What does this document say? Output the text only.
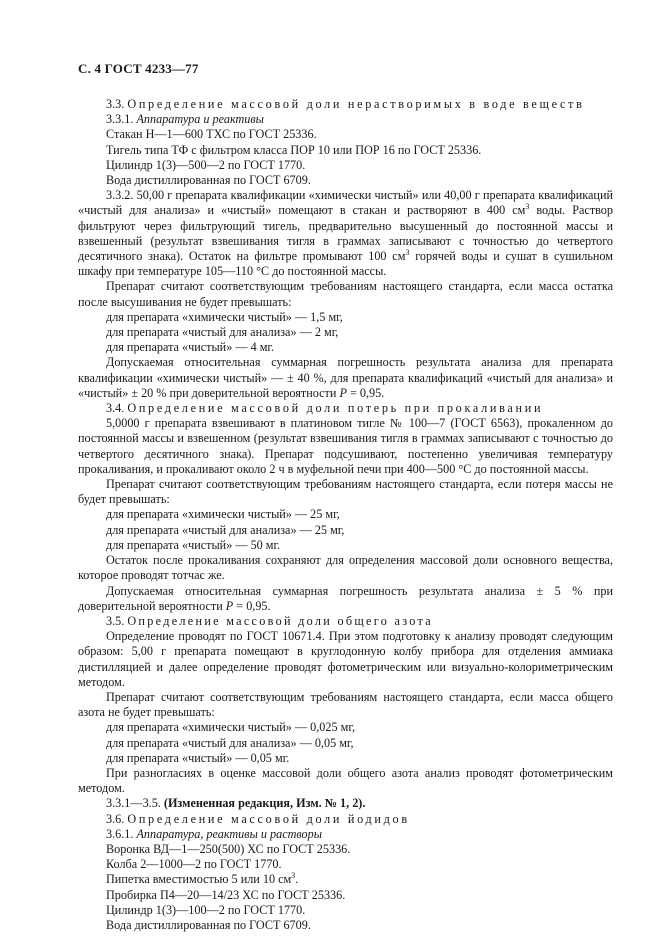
С. 4 ГОСТ 4233—77

3.3. Определение массовой доли нерастворимых в воде веществ

3.3.1. Аппаратура и реактивы

Стакан Н—1—600 ТХС по ГОСТ 25336.

Тигель типа ТФ с фильтром класса ПОР 10 или ПОР 16 по ГОСТ 25336.

Цилиндр 1(3)—500—2 по ГОСТ 1770.

Вода дистиллированная по ГОСТ 6709.

3.3.2. 50,00 г препарата квалификации «химически чистый» или 40,00 г препарата квалификаций «чистый для анализа» и «чистый» помещают в стакан и растворяют в 400 $см^3$ воды. Раствор фильтруют через фильтрующий тигель, предварительно высушенный до постоянной массы и взвешенный (результат взвешивания тигля в граммах записывают с точностью до четвертого десятичного знака). Остаток на фильтре промывают 100 $см^3$ горячей воды и сушат в сушильном шкафу при температуре 105—110 °С до постоянной массы.

Препарат считают соответствующим требованиям настоящего стандарта, если масса остатка после высушивания не будет превышать:

для препарата «химически чистый» — 1,5 мг,

для препарата «чистый для анализа» — 2 мг,

для препарата «чистый» — 4 мг.

Допускаемая относительная суммарная погрешность результата анализа для препарата квалификации «химически чистый» — ± 40 %, для препарата квалификаций «чистый для анализа» и «чистый» ± 20 % при доверительной вероятности P = 0,95.

3.4. Определение массовой доли потерь при прокаливании

5,0000 г препарата взвешивают в платиновом тигле № 100—7 (ГОСТ 6563), прокаленном до постоянной массы и взвешенном (результат взвешивания тигля в граммах записывают с точностью до четвертого десятичного знака). Препарат подсушивают, постепенно увеличивая температуру прокаливания, и прокаливают около 2 ч в муфельной печи при 400—500 °С до постоянной массы.

Препарат считают соответствующим требованиям настоящего стандарта, если потеря массы не будет превышать:

для препарата «химически чистый» — 25 мг,

для препарата «чистый для анализа» — 25 мг,

для препарата «чистый» — 50 мг.

Остаток после прокаливания сохраняют для определения массовой доли основного вещества, которое проводят тотчас же.

Допускаемая относительная суммарная погрешность результата анализа ± 5 % при доверительной вероятности P = 0,95.

3.5. Определение массовой доли общего азота

Определение проводят по ГОСТ 10671.4. При этом подготовку к анализу проводят следующим образом: 5,00 г препарата помещают в круглодонную колбу прибора для отделения аммиака дистилляцией и далее определение проводят фотометрическим или визуально-колориметрическим методом.

Препарат считают соответствующим требованиям настоящего стандарта, если масса общего азота не будет превышать:

для препарата «химически чистый» — 0,025 мг,

для препарата «чистый для анализа» — 0,05 мг,

для препарата «чистый» — 0,05 мг.

При разногласиях в оценке массовой доли общего азота анализ проводят фотометрическим методом.

3.3.1—3.5. (Измененная редакция, Изм. № 1, 2).

3.6. Определение массовой доли йодидов

3.6.1. Аппаратура, реактивы и растворы

Воронка ВД—1—250(500) ХС по ГОСТ 25336.

Колба 2—1000—2 по ГОСТ 1770.

Пипетка вместимостью 5 или 10 $см^3$.

Пробирка П4—20—14/23 ХС по ГОСТ 25336.

Цилиндр 1(3)—100—2 по ГОСТ 1770.

Вода дистиллированная по ГОСТ 6709.
